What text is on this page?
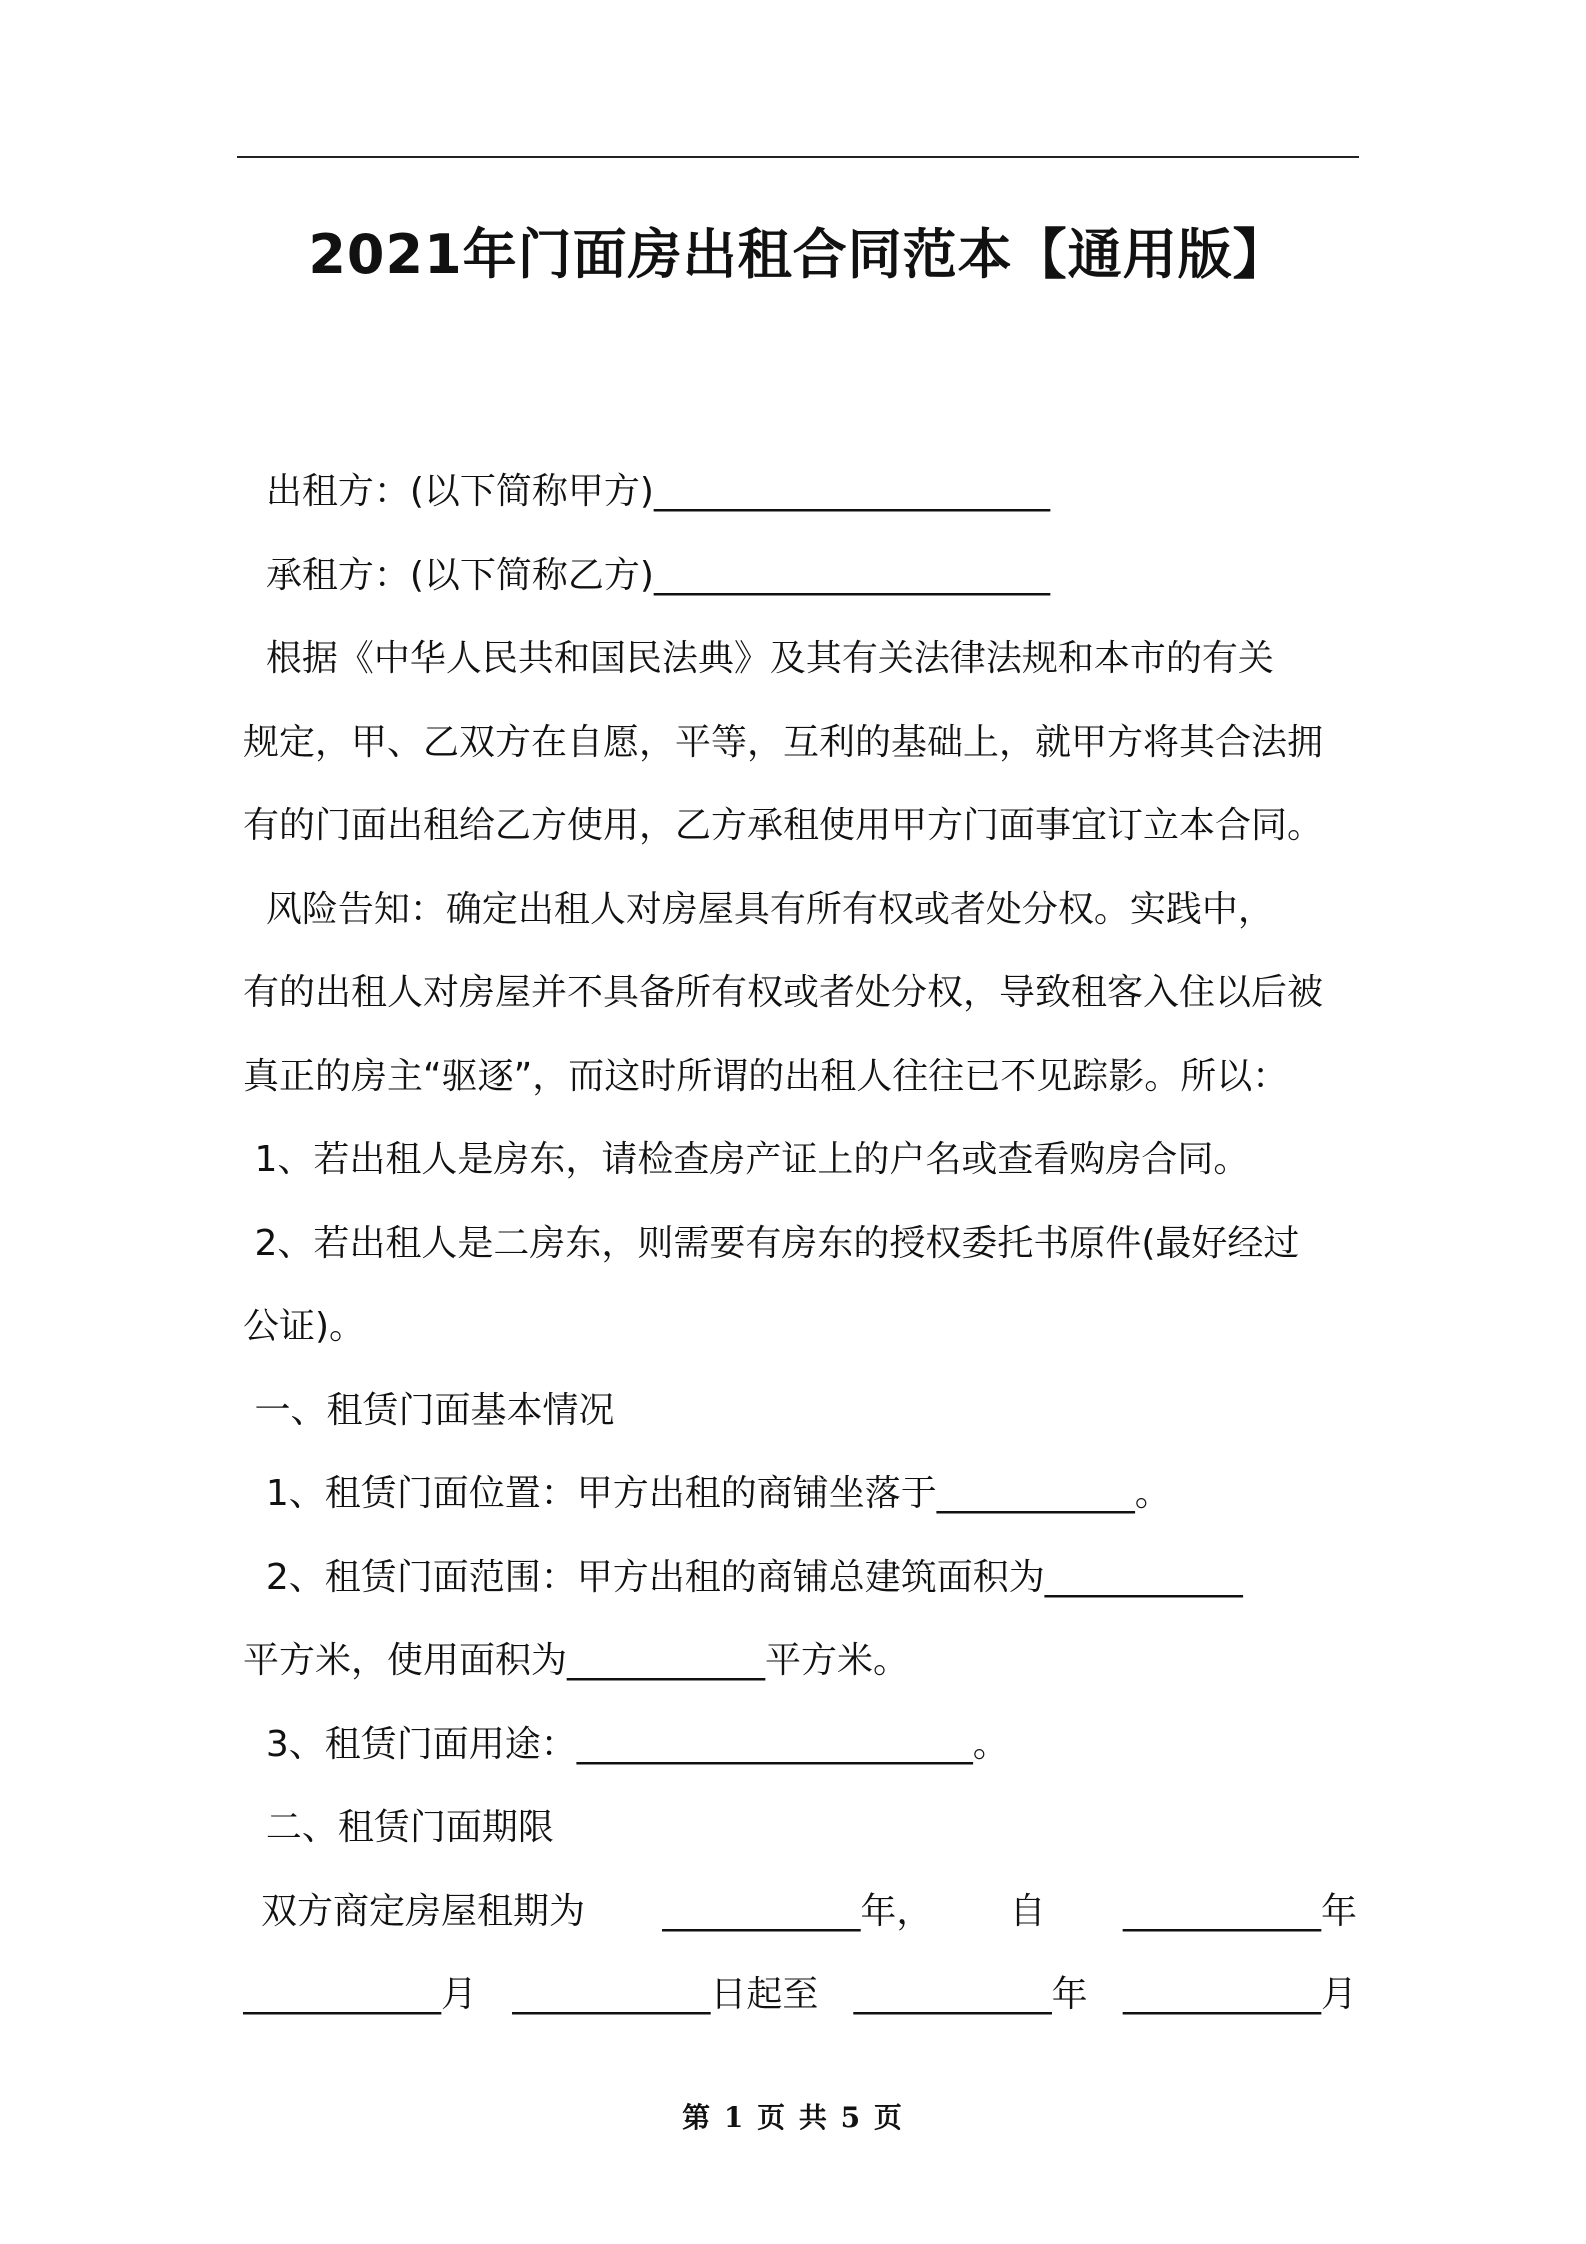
2021年门面房出租合同范本【通用版】
出租方：(以下简称甲方)______________________
承租方：(以下简称乙方)______________________
根据《中华人民共和国民法典》及其有关法律法规和本市的有关
规定，甲、乙双方在自愿，平等，互利的基础上，就甲方将其合法拥
有的门面出租给乙方使用，乙方承租使用甲方门面事宜订立本合同。
风险告知：确定出租人对房屋具有所有权或者处分权。实践中，
有的出租人对房屋并不具备所有权或者处分权，导致租客入住以后被
真正的房主“驱逐”，而这时所谓的出租人往往已不见踪影。所以：
1、若出租人是房东，请检查房产证上的户名或查看购房合同。
2、若出租人是二房东，则需要有房东的授权委托书原件(最好经过
公证)。
一、租赁门面基本情况
1、租赁门面位置：甲方出租的商铺坐落于___________。
2、租赁门面范围：甲方出租的商铺总建筑面积为___________
平方米，使用面积为___________平方米。
3、租赁门面用途：______________________。
二、租赁门面期限
双方商定房屋租期为 ___________年， 自 ___________年
___________月 ___________日起至 ___________年 ___________月
第 1 页 共 5 页
